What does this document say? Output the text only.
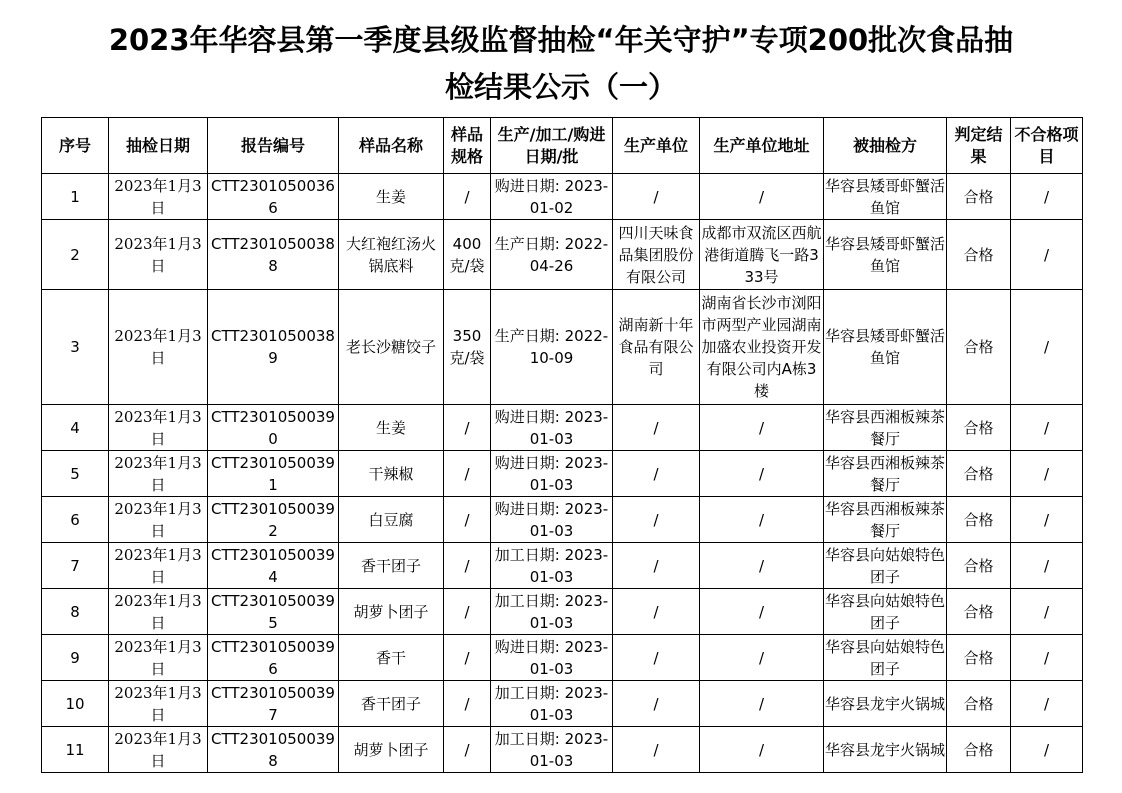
2023年华容县第一季度县级监督抽检“年关守护”专项200批次食品抽
检结果公示（一）
序号	抽检日期	报告编号	样品名称	样品规格	生产/加工/购进日期/批	生产单位	生产单位地址	被抽检方	判定结果	不合格项目
1	2023年1月3日	CTT23010500366	生姜	/	购进日期: 2023-01-02	/	/	华容县矮哥虾蟹活鱼馆	合格	/
2	2023年1月3日	CTT23010500388	大红袍红汤火锅底料	400克/袋	生产日期: 2022-04-26	四川天味食品集团股份有限公司	成都市双流区西航港街道腾飞一路333号	华容县矮哥虾蟹活鱼馆	合格	/
3	2023年1月3日	CTT23010500389	老长沙糖饺子	350克/袋	生产日期: 2022-10-09	湖南新十年食品有限公司	湖南省长沙市浏阳市两型产业园湖南加盛农业投资开发有限公司内A栋3楼	华容县矮哥虾蟹活鱼馆	合格	/
4	2023年1月3日	CTT23010500390	生姜	/	购进日期: 2023-01-03	/	/	华容县西湘板辣茶餐厅	合格	/
5	2023年1月3日	CTT23010500391	干辣椒	/	购进日期: 2023-01-03	/	/	华容县西湘板辣茶餐厅	合格	/
6	2023年1月3日	CTT23010500392	白豆腐	/	购进日期: 2023-01-03	/	/	华容县西湘板辣茶餐厅	合格	/
7	2023年1月3日	CTT23010500394	香干团子	/	加工日期: 2023-01-03	/	/	华容县向姑娘特色团子	合格	/
8	2023年1月3日	CTT23010500395	胡萝卜团子	/	加工日期: 2023-01-03	/	/	华容县向姑娘特色团子	合格	/
9	2023年1月3日	CTT23010500396	香干	/	购进日期: 2023-01-03	/	/	华容县向姑娘特色团子	合格	/
10	2023年1月3日	CTT23010500397	香干团子	/	加工日期: 2023-01-03	/	/	华容县龙宇火锅城	合格	/
11	2023年1月3日	CTT23010500398	胡萝卜团子	/	加工日期: 2023-01-03	/	/	华容县龙宇火锅城	合格	/
